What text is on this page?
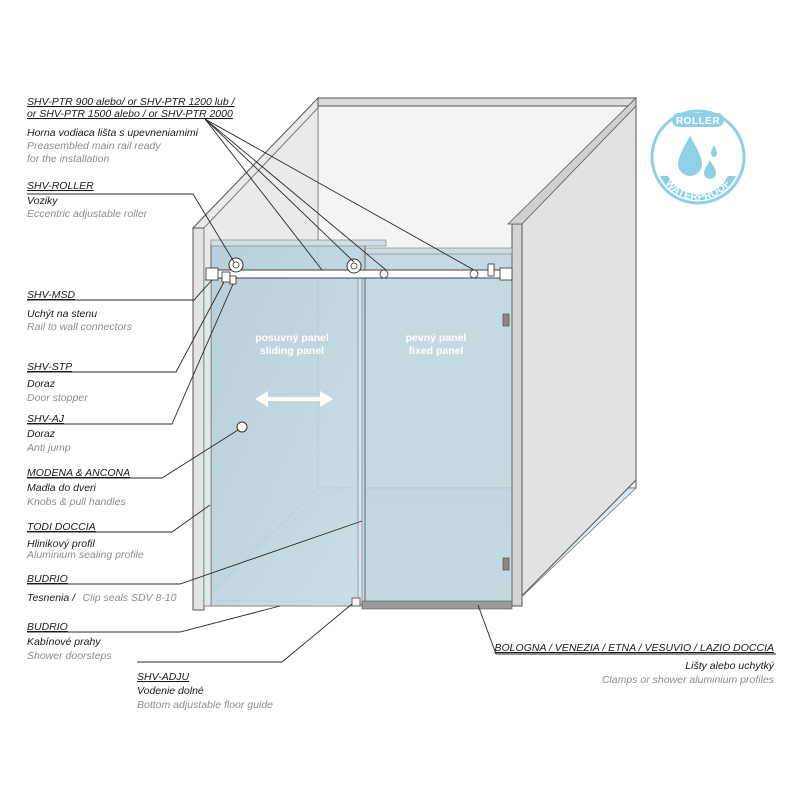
posuvný panel
sliding panel
pevný panel
fixed panel
SHV-PTR 900 alebo/ or SHV-PTR 1200 lub /
or SHV-PTR 1500 alebo / or SHV-PTR 2000
Horna vodiaca lišta s upevneniamimi
Preasembled main rail ready
for the installation
SHV-ROLLER
Voziky
Eccentric adjustable roller
SHV-MSD
Uchýt na stenu
Rail to wall connectors
SHV-STP
Doraz
Door stopper
SHV-AJ
Doraz
Anti jump
MODENA & ANCONA
Madla do dveri
Knobs & pull handles
TODI DOCCIA
Hlinikový profil
Aluminium sealing profile
BUDRIO
Tesnenia / Clip seals SDV 8-10
BUDRIO
Kabínové prahy
Shower doorsteps
SHV-ADJU
Vodenie dolné
Bottom adjustable floor guide
BOLOGNA / VENEZIA / ETNA / VESUVIO / LAZIO DOCCIA
Lišty alebo uchytký
Clamps or shower aluminium profiles
ROLLER
WATERPROOF
